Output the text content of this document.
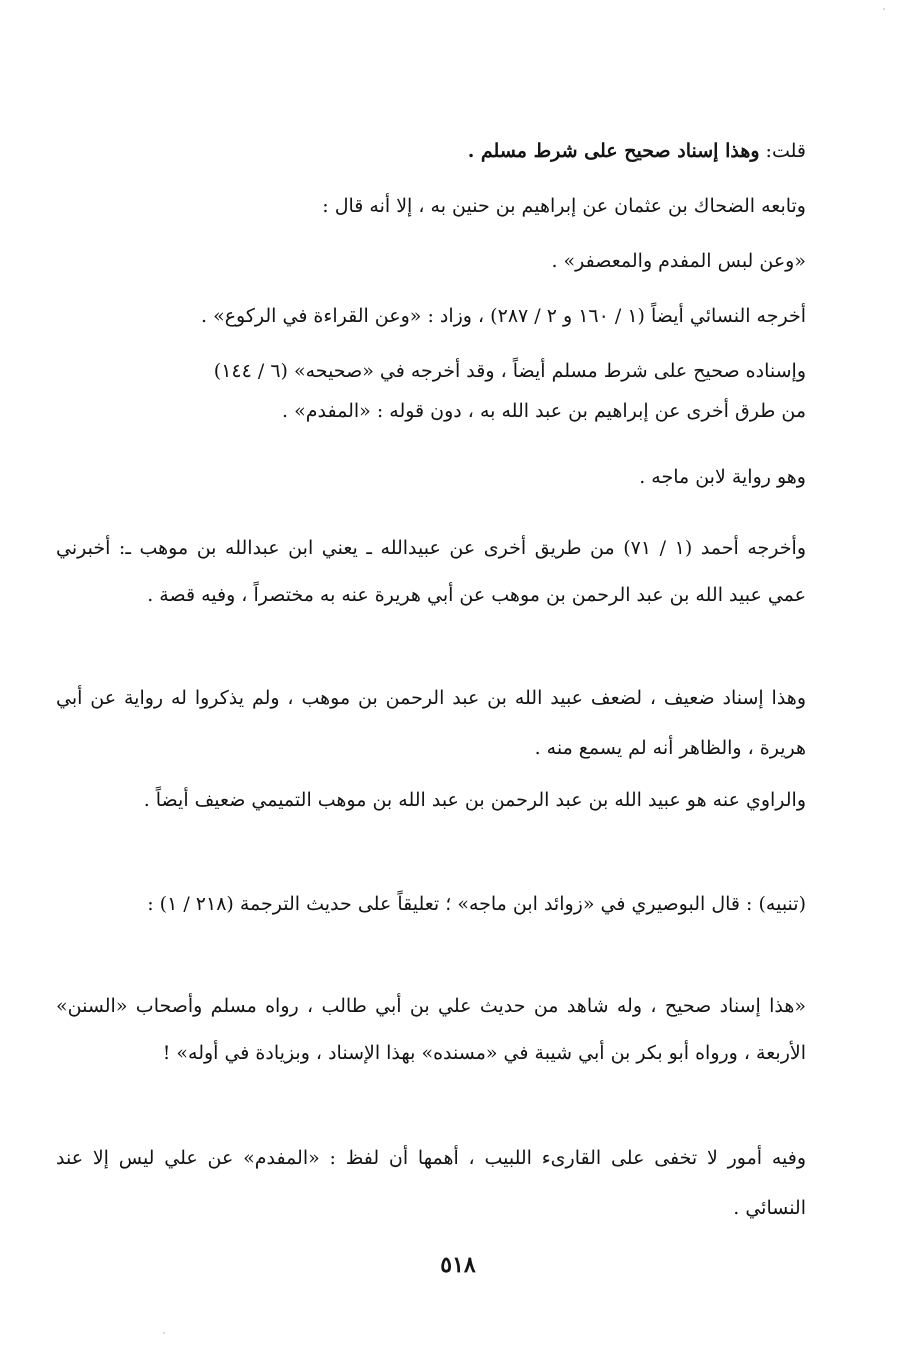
قلت: وهذا إسناد صحيح على شرط مسلم .
وتابعه الضحاك بن عثمان عن إبراهيم بن حنين به ، إلا أنه قال :
«وعن لبس المفدم والمعصفر» .
أخرجه النسائي أيضاً (١ / ١٦٠ و ٢ / ٢٨٧) ، وزاد : «وعن القراءة في الركوع» .
وإسناده صحيح على شرط مسلم أيضاً ، وقد أخرجه في «صحيحه» (٦ / ١٤٤)
من طرق أخرى عن إبراهيم بن عبد الله به ، دون قوله : «المفدم» .
وهو رواية لابن ماجه .
وأخرجه أحمد (١ / ٧١) من طريق أخرى عن عبيدالله ـ يعني ابن عبدالله بن موهب ـ: أخبرني عمي عبيد الله بن عبد الرحمن بن موهب عن أبي هريرة عنه به مختصراً ، وفيه قصة .
وهذا إسناد ضعيف ، لضعف عبيد الله بن عبد الرحمن بن موهب ، ولم يذكروا له رواية عن أبي هريرة ، والظاهر أنه لم يسمع منه .
والراوي عنه هو عبيد الله بن عبد الرحمن بن عبد الله بن موهب التميمي ضعيف أيضاً .
(تنبيه) : قال البوصيري في «زوائد ابن ماجه» ؛ تعليقاً على حديث الترجمة (٢١٨ / ١) :
«هذا إسناد صحيح ، وله شاهد من حديث علي بن أبي طالب ، رواه مسلم وأصحاب «السنن» الأربعة ، ورواه أبو بكر بن أبي شيبة في «مسنده» بهذا الإسناد ، وبزيادة في أوله» !
وفيه أمور لا تخفى على القارىء اللبيب ، أهمها أن لفظ : «المفدم» عن علي ليس إلا عند النسائي .
٥١٨
